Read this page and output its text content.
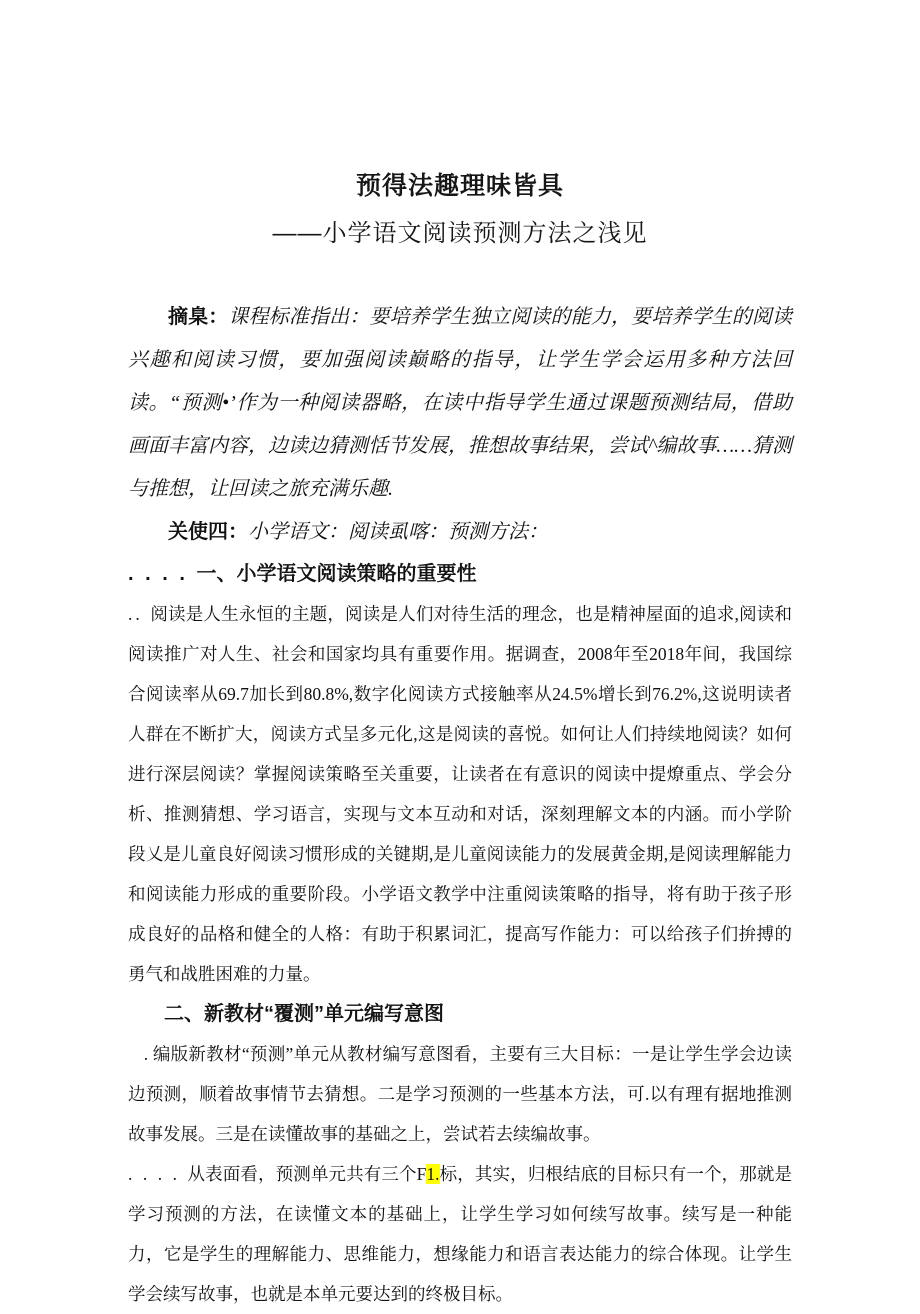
预得法趣理味皆具
——小学语文阅读预测方法之浅见

摘臬：课程标准指出：要培养学生独立阅读的能力，要培养学生的阅读兴趣和阅读习惯，要加强阅读巅略的指导，让学生学会运用多种方法回读。“预测•’作为一种阅读器略，在读中指导学生通过课题预测结局，借助画面丰富内容，边读边猜测恬节发展，推想故事结果，尝试^编故事……猜测与推想，让回读之旅充满乐趣.

关使四：小学语文：阅读虱喀：预测方法：

. . . . 一、小学语文阅读策略的重要性

.. 阅读是人生永恒的主题，阅读是人们对待生活的理念，也是精神屋面的追求,阅读和阅读推广对人生、社会和国家均具有重要作用。据调查，2008年至2018年间，我国综合阅读率从69.7加长到80.8%,数字化阅读方式接触率从24.5%增长到76.2%,这说明读者人群在不断扩大，阅读方式呈多元化,这是阅读的喜悦。如何让人们持续地阅读？如何进行深层阅读？掌握阅读策略至关重要，让读者在有意识的阅读中提燎重点、学会分析、推测猜想、学习语言，实现与文本互动和对话，深刻理解文本的内涵。而小学阶段乂是儿童良好阅读习惯形成的关键期,是儿童阅读能力的发展黄金期,是阅读理解能力和阅读能力形成的重要阶段。小学语文教学中注重阅读策略的指导，将有助于孩子形成良好的品格和健全的人格：有助于积累词汇，提高写作能力：可以给孩子们拚搏的勇气和战胜困难的力量。

二、新教材“覆测”单元编写意图

. 编版新教材“预测”单元从教材编写意图看，主要有三大目标：一是让学生学会边读边预测，顺着故事情节去猜想。二是学习预测的一些基本方法，可.以有理有据地推测故事发展。三是在读懂故事的基础之上，尝试若去续编故事。

. . . . 从表面看，预测单元共有三个F1.标，其实，归根结底的目标只有一个，那就是学习预测的方法，在读懂文本的基础上，让学生学习如何续写故事。续写是一种能力，它是学生的理解能力、思维能力，想缘能力和语言表达能力的综合体现。让学生学会续写故事，也就是本单元要达到的终极目标。
